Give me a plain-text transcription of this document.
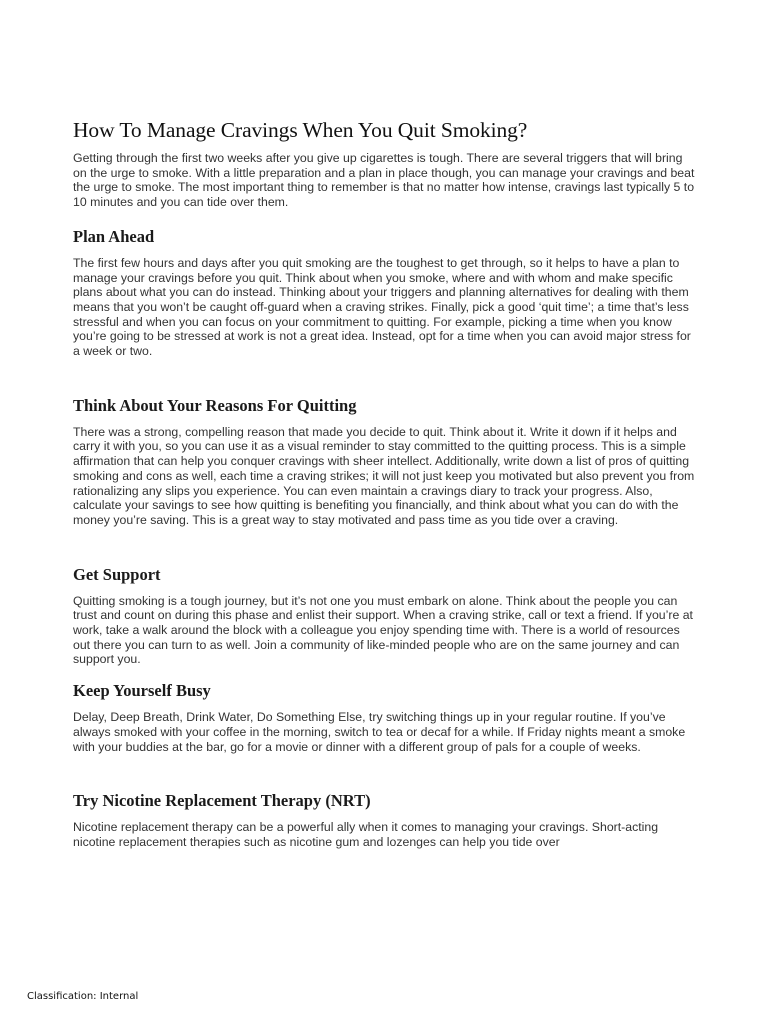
How To Manage Cravings When You Quit Smoking?

Getting through the first two weeks after you give up cigarettes is tough. There are several triggers that will bring on the urge to smoke. With a little preparation and a plan in place though, you can manage your cravings and beat the urge to smoke. The most important thing to remember is that no matter how intense, cravings last typically 5 to 10 minutes and you can tide over them.

Plan Ahead

The first few hours and days after you quit smoking are the toughest to get through, so it helps to have a plan to manage your cravings before you quit. Think about when you smoke, where and with whom and make specific plans about what you can do instead. Thinking about your triggers and planning alternatives for dealing with them means that you won’t be caught off-guard when a craving strikes. Finally, pick a good ‘quit time’; a time that’s less stressful and when you can focus on your commitment to quitting. For example, picking a time when you know you’re going to be stressed at work is not a great idea. Instead, opt for a time when you can avoid major stress for a week or two.

Think About Your Reasons For Quitting

There was a strong, compelling reason that made you decide to quit. Think about it. Write it down if it helps and carry it with you, so you can use it as a visual reminder to stay committed to the quitting process. This is a simple affirmation that can help you conquer cravings with sheer intellect. Additionally, write down a list of pros of quitting smoking and cons as well, each time a craving strikes; it will not just keep you motivated but also prevent you from rationalizing any slips you experience. You can even maintain a cravings diary to track your progress. Also, calculate your savings to see how quitting is benefiting you financially, and think about what you can do with the money you’re saving. This is a great way to stay motivated and pass time as you tide over a craving.

Get Support

Quitting smoking is a tough journey, but it’s not one you must embark on alone. Think about the people you can trust and count on during this phase and enlist their support. When a craving strike, call or text a friend. If you’re at work, take a walk around the block with a colleague you enjoy spending time with. There is a world of resources out there you can turn to as well. Join a community of like-minded people who are on the same journey and can support you.

Keep Yourself Busy

Delay, Deep Breath, Drink Water, Do Something Else, try switching things up in your regular routine. If you’ve always smoked with your coffee in the morning, switch to tea or decaf for a while. If Friday nights meant a smoke with your buddies at the bar, go for a movie or dinner with a different group of pals for a couple of weeks.

Try Nicotine Replacement Therapy (NRT)

Nicotine replacement therapy can be a powerful ally when it comes to managing your cravings. Short-acting nicotine replacement therapies such as nicotine gum and lozenges can help you tide over

Classification: Internal
